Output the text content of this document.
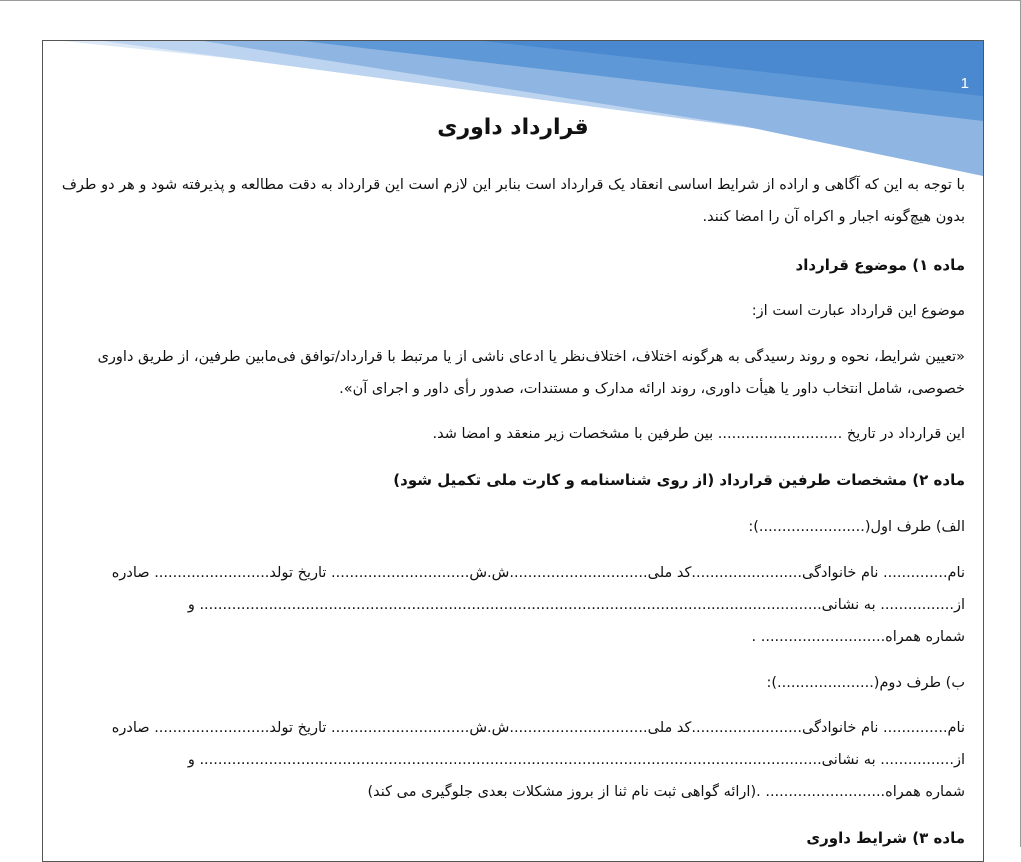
1
قرارداد داوری
با توجه به این که آگاهی و اراده از شرایط اساسی انعقاد یک قرارداد است بنابر این لازم است این قرارداد به دقت مطالعه و پذیرفته شود و هر دو طرف
بدون هیچ‌گونه اجبار و اکراه آن را امضا کنند.
ماده ۱) موضوع قرارداد
موضوع این قرارداد عبارت است از:
«تعیین شرایط، نحوه و روند رسیدگی به هرگونه اختلاف، اختلاف‌نظر یا ادعای ناشی از یا مرتبط با قرارداد/توافق فی‌مابین طرفین، از طریق داوری
خصوصی، شامل انتخاب داور یا هیأت داوری، روند ارائه مدارک و مستندات، صدور رأی داور و اجرای آن».
این قرارداد در تاریخ ........................... بین طرفین با مشخصات زیر منعقد و امضا شد.
ماده ۲) مشخصات طرفین قرارداد (از روی شناسنامه و کارت ملی تکمیل شود)
الف) طرف اول(.......................):
نام.............. نام خانوادگی........................کد ملی..............................ش.ش.............................. تاریخ تولد......................... صادره
از................ به نشانی....................................................................................................................................... و
شماره همراه........................... .
ب) طرف دوم(.....................):
نام.............. نام خانوادگی........................کد ملی..............................ش.ش.............................. تاریخ تولد......................... صادره
از................ به نشانی....................................................................................................................................... و
شماره همراه.......................... .(ارائه گواهی ثبت نام ثنا از بروز مشکلات بعدی جلوگیری می کند)
ماده ۳) شرایط داوری
